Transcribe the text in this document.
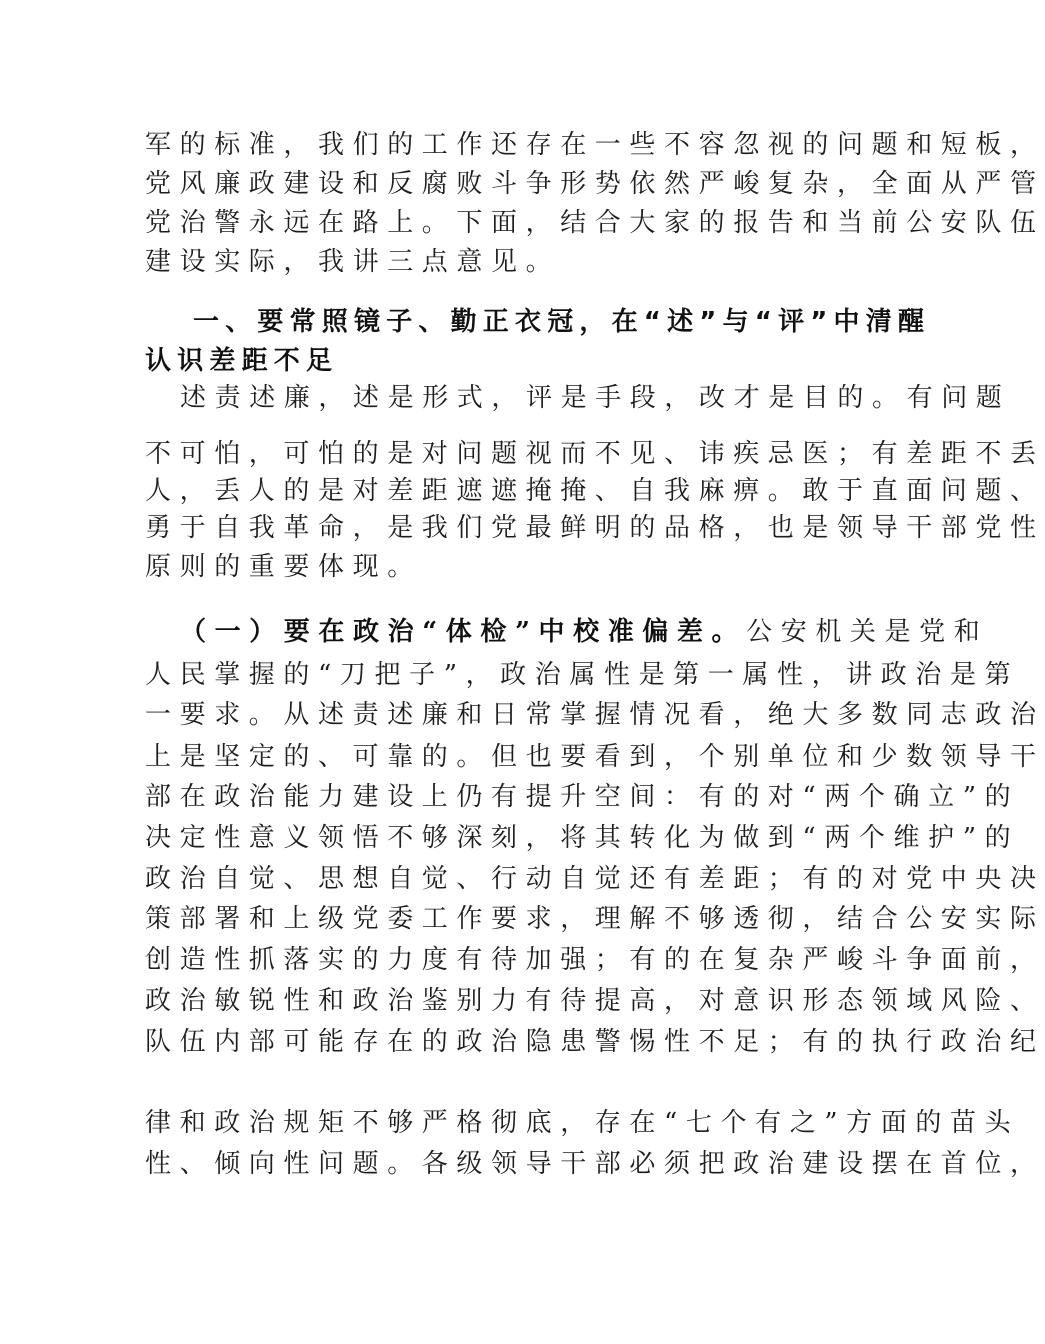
军的标准，我们的工作还存在一些不容忽视的问题和短板，
党风廉政建设和反腐败斗争形势依然严峻复杂，全面从严管
党治警永远在路上。下面，结合大家的报告和当前公安队伍
建设实际，我讲三点意见。
一、要常照镜子、勤正衣冠，在“述”与“评”中清醒
认识差距不足
述责述廉，述是形式，评是手段，改才是目的。有问题
不可怕，可怕的是对问题视而不见、讳疾忌医；有差距不丢
人，丢人的是对差距遮遮掩掩、自我麻痹。敢于直面问题、
勇于自我革命，是我们党最鲜明的品格，也是领导干部党性
原则的重要体现。
（一）要在政治“体检”中校准偏差。公安机关是党和
人民掌握的“刀把子”，政治属性是第一属性，讲政治是第
一要求。从述责述廉和日常掌握情况看，绝大多数同志政治
上是坚定的、可靠的。但也要看到，个别单位和少数领导干
部在政治能力建设上仍有提升空间：有的对“两个确立”的
决定性意义领悟不够深刻，将其转化为做到“两个维护”的
政治自觉、思想自觉、行动自觉还有差距；有的对党中央决
策部署和上级党委工作要求，理解不够透彻，结合公安实际
创造性抓落实的力度有待加强；有的在复杂严峻斗争面前，
政治敏锐性和政治鉴别力有待提高，对意识形态领域风险、
队伍内部可能存在的政治隐患警惕性不足；有的执行政治纪
律和政治规矩不够严格彻底，存在“七个有之”方面的苗头
性、倾向性问题。各级领导干部必须把政治建设摆在首位，
